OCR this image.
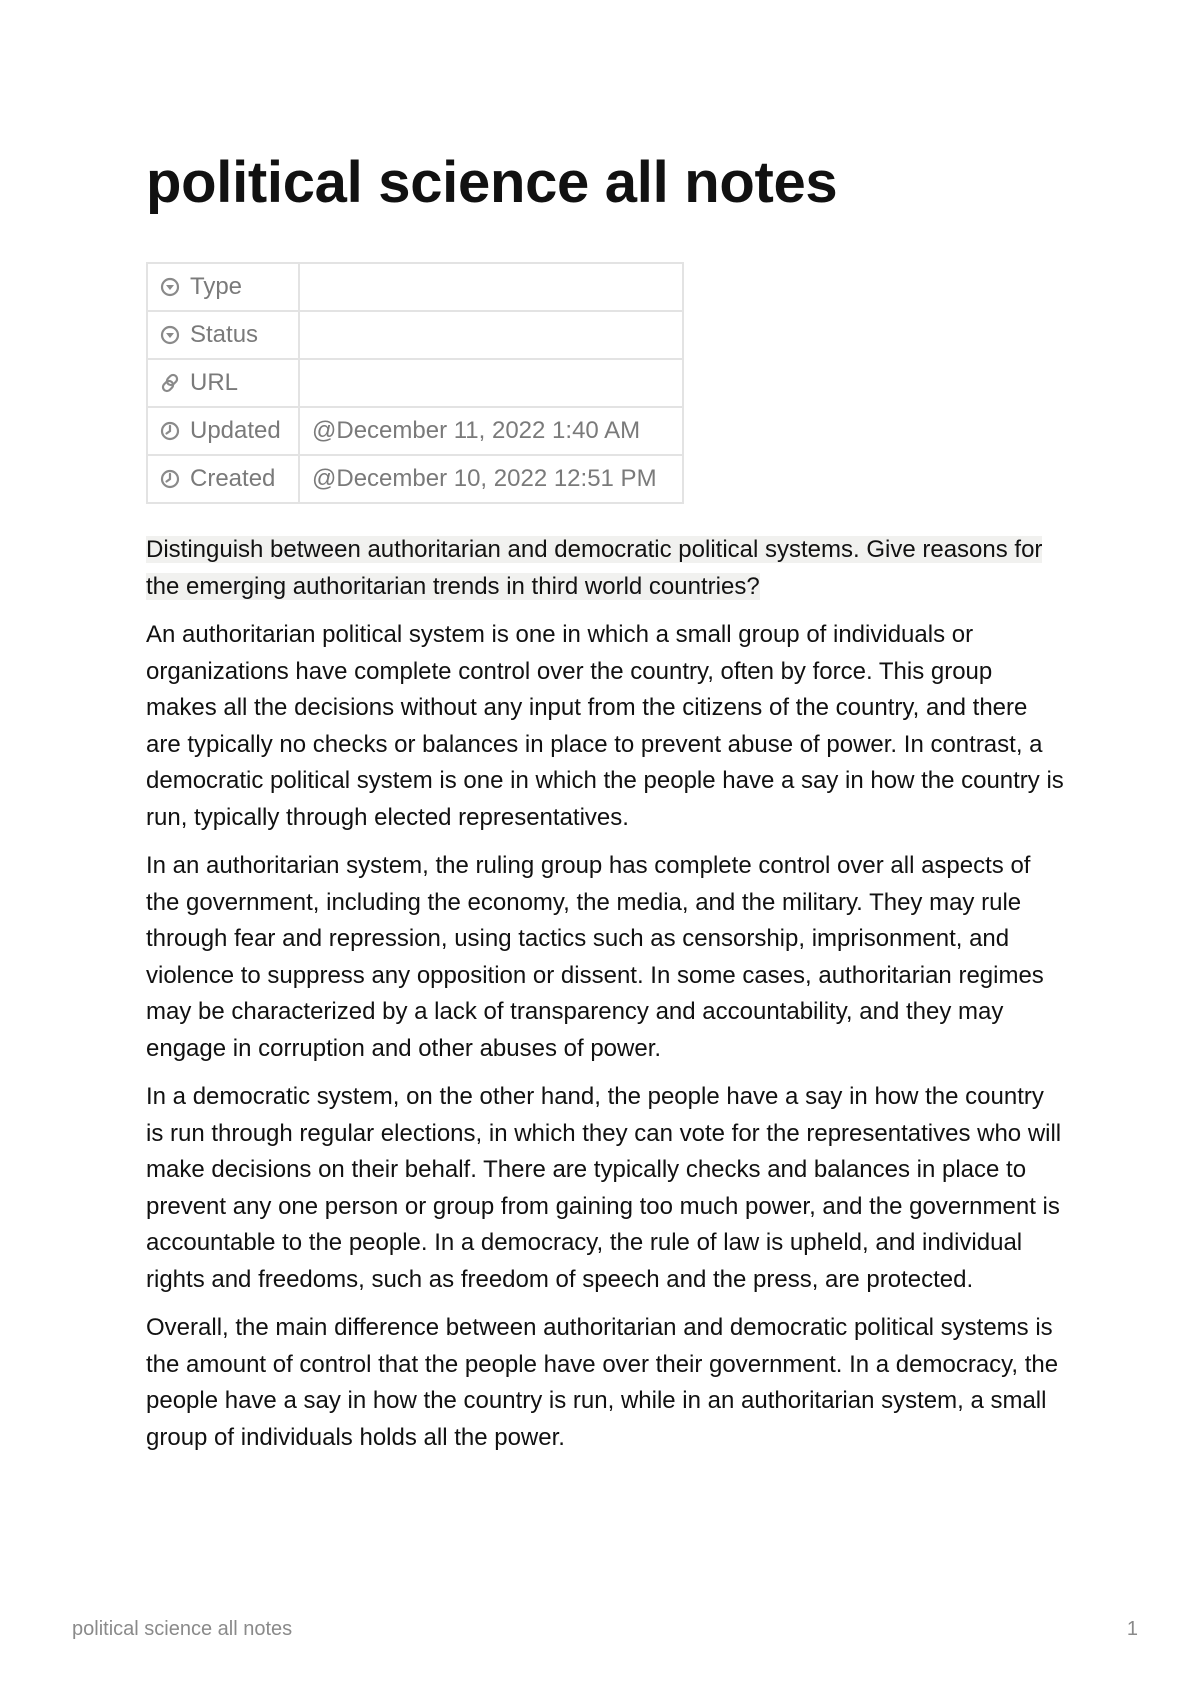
political science all notes
Type	

Status	

URL	

Updated	@December 11, 2022 1:40 AM

Created	@December 10, 2022 12:51 PM

Distinguish between authoritarian and democratic political systems. Give reasons for the emerging authoritarian trends in third world countries?

An authoritarian political system is one in which a small group of individuals or organizations have complete control over the country, often by force. This group makes all the decisions without any input from the citizens of the country, and there are typically no checks or balances in place to prevent abuse of power. In contrast, a democratic political system is one in which the people have a say in how the country is run, typically through elected representatives.

In an authoritarian system, the ruling group has complete control over all aspects of the government, including the economy, the media, and the military. They may rule through fear and repression, using tactics such as censorship, imprisonment, and violence to suppress any opposition or dissent. In some cases, authoritarian regimes may be characterized by a lack of transparency and accountability, and they may engage in corruption and other abuses of power.

In a democratic system, on the other hand, the people have a say in how the country is run through regular elections, in which they can vote for the representatives who will make decisions on their behalf. There are typically checks and balances in place to prevent any one person or group from gaining too much power, and the government is accountable to the people. In a democracy, the rule of law is upheld, and individual rights and freedoms, such as freedom of speech and the press, are protected.

Overall, the main difference between authoritarian and democratic political systems is the amount of control that the people have over their government. In a democracy, the people have a say in how the country is run, while in an authoritarian system, a small group of individuals holds all the power.

political science all notes	1
